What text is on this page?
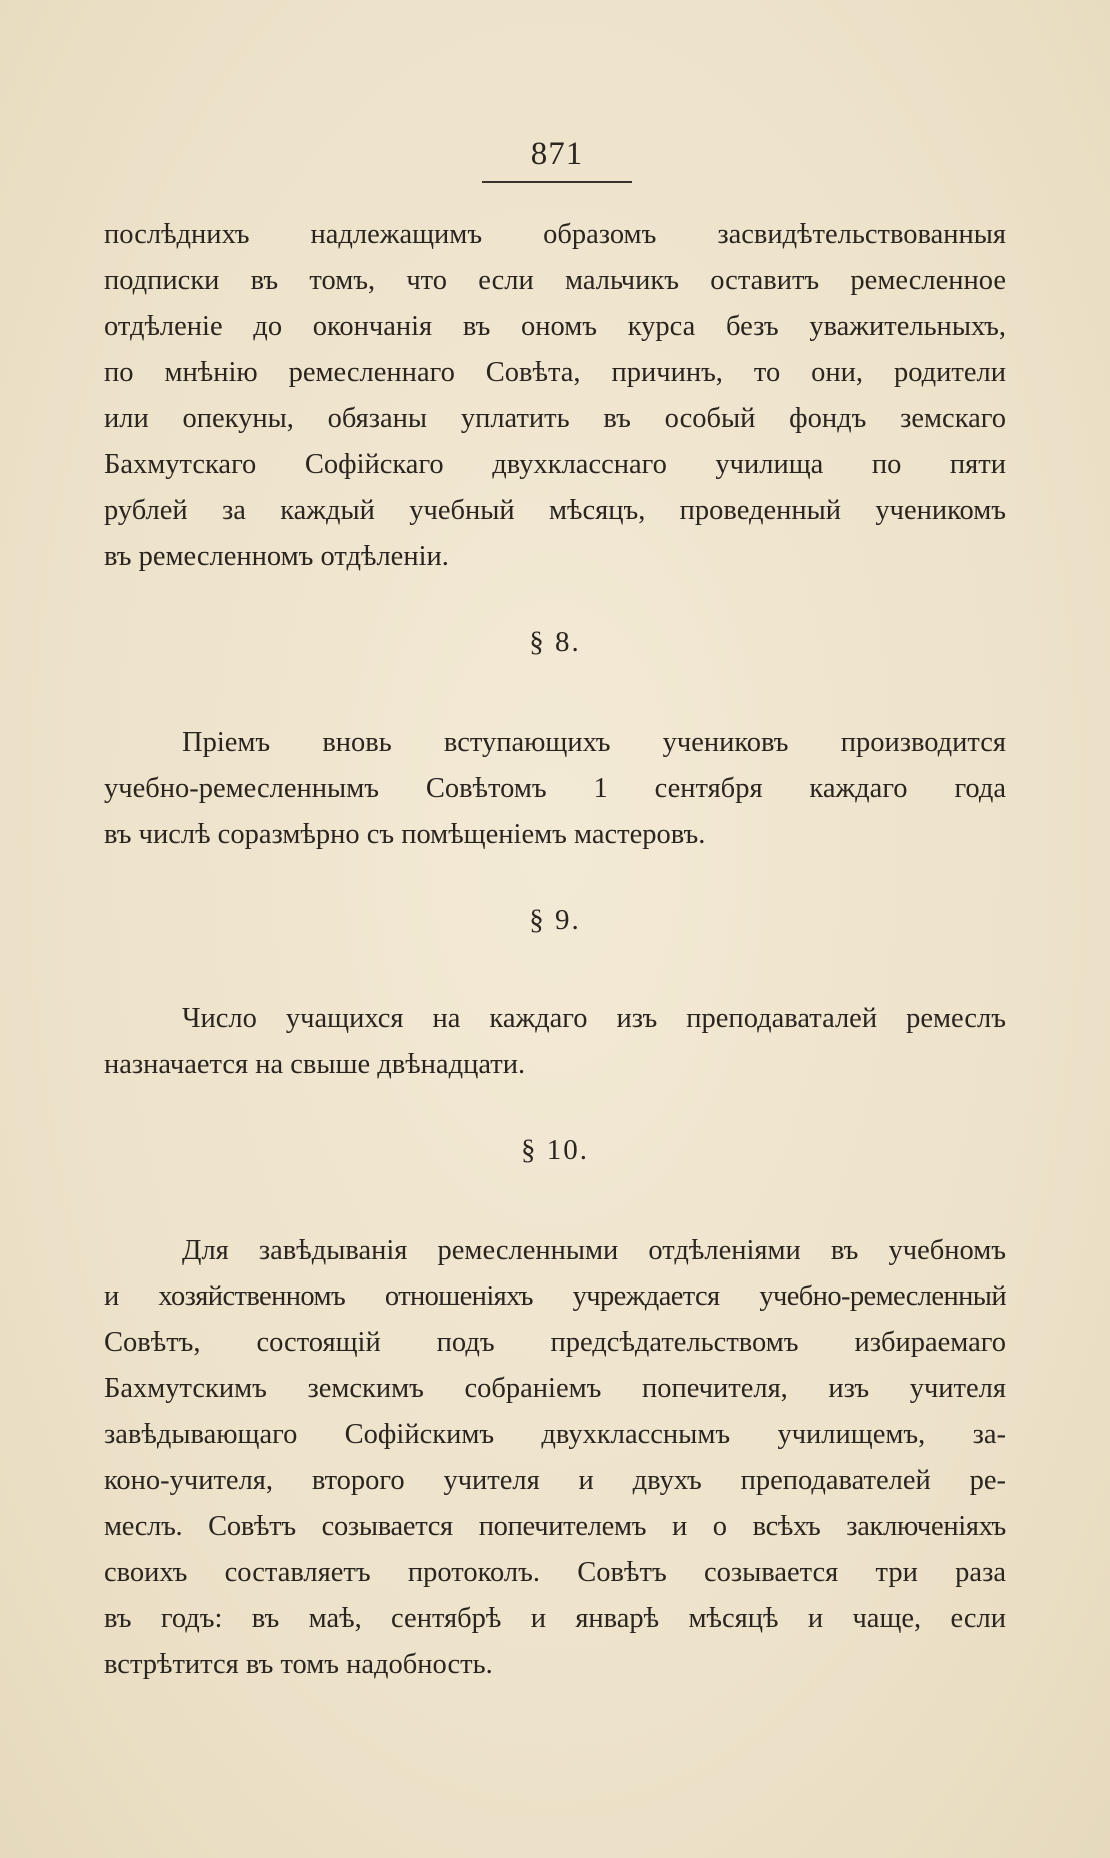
871
послѣднихъ надлежащимъ образомъ засвидѣтельствованныя
подписки въ томъ, что если мальчикъ оставитъ ремесленное
отдѣленіе до окончанія въ ономъ курса безъ уважительныхъ,
по мнѣнію ремесленнаго Совѣта, причинъ, то они, родители
или опекуны, обязаны уплатить въ особый фондъ земскаго
Бахмутскаго Софійскаго двухкласснаго училища по пяти
рублей за каждый учебный мѣсяцъ, проведенный ученикомъ
въ ремесленномъ отдѣленіи.
§ 8.
Пріемъ вновь вступающихъ учениковъ производится
учебно-ремесленнымъ Совѣтомъ 1 сентября каждаго года
въ числѣ соразмѣрно съ помѣщеніемъ мастеровъ.
§ 9.
Число учащихся на каждаго изъ преподаваталей ремеслъ
назначается на свыше двѣнадцати.
§ 10.
Для завѣдыванія ремесленными отдѣленіями въ учебномъ
и хозяйственномъ отношеніяхъ учреждается учебно-ремесленный
Совѣтъ, состоящій подъ предсѣдательствомъ избираемаго
Бахмутскимъ земскимъ собраніемъ попечителя, изъ учителя
завѣдывающаго Софійскимъ двухкласснымъ училищемъ, за-
коно-учителя, второго учителя и двухъ преподавателей ре-
меслъ. Совѣтъ созывается попечителемъ и о всѣхъ заключеніяхъ
своихъ составляетъ протоколъ. Совѣтъ созывается три раза
въ годъ: въ маѣ, сентябрѣ и январѣ мѣсяцѣ и чаще, если
встрѣтится въ томъ надобность.
